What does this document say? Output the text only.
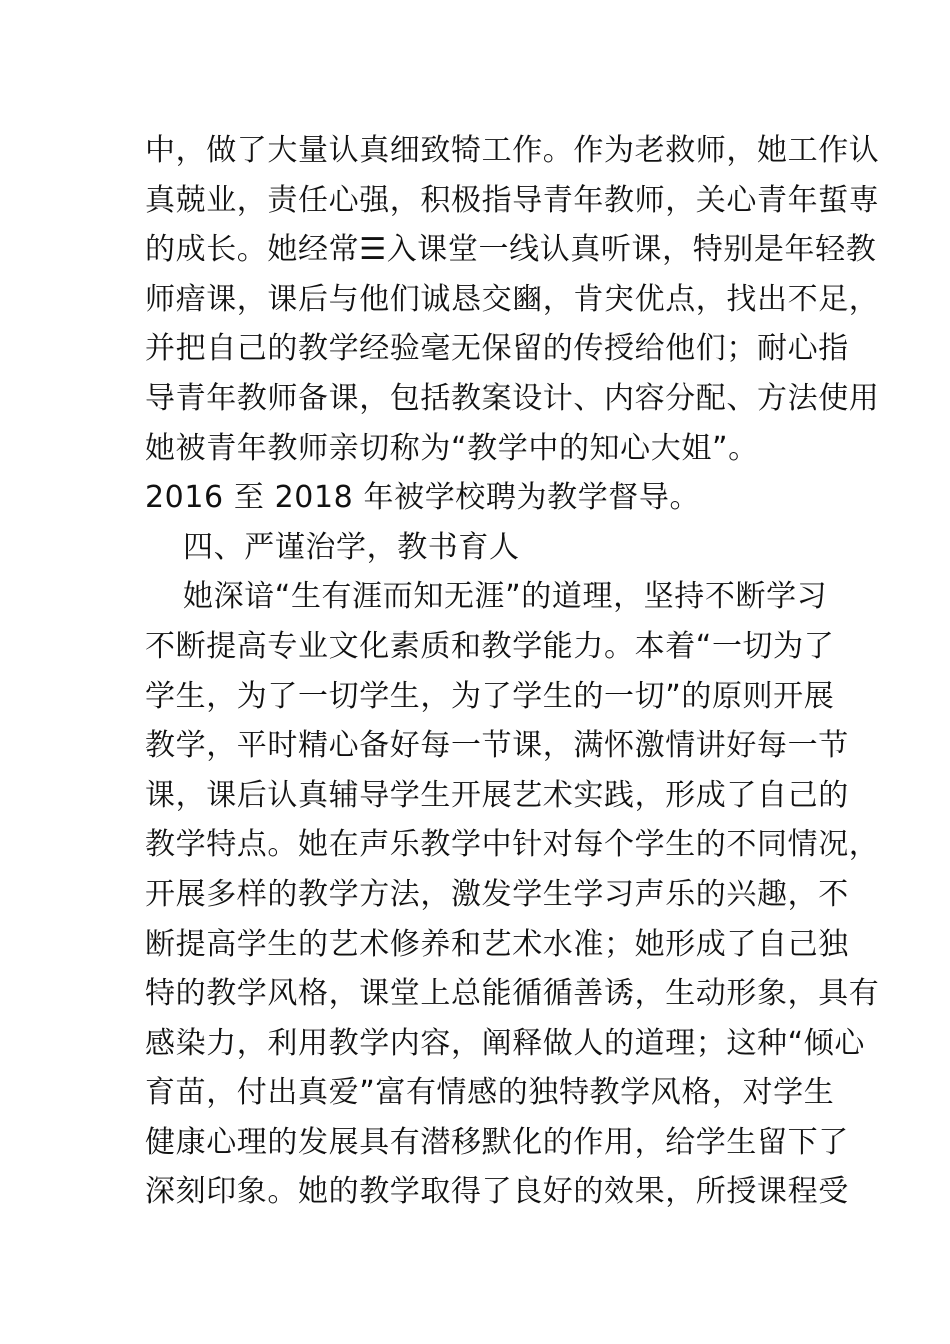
中，做了大量认真细致犄工作。作为老救师，她工作认
真兢业，责任心强，积极指导青年教师，关心青年蜇専
的成长。她经常☰入课堂一线认真听课，特别是年轻教
师瘖课，课后与他们诚恳交豳，肯宊优点，找出不足，
并把自己的教学经验毫无保留的传授给他们；耐心指
导青年教师备课，包括教案设计、内容分配、方法使用
她被青年教师亲切称为“教学中的知心大姐”。
2016 至 2018 年被学校聘为教学督导。
四、严谨治学，教书育人
她深谙“生有涯而知无涯”的道理，坚持不断学习
不断提高专业文化素质和教学能力。本着“一切为了
学生，为了一切学生，为了学生的一切”的原则开展
教学，平时精心备好每一节课，满怀激情讲好每一节
课，课后认真辅导学生开展艺术实践，形成了自己的
教学特点。她在声乐教学中针对每个学生的不同情况，
开展多样的教学方法，激发学生学习声乐的兴趣，不
断提高学生的艺术修养和艺术水准；她形成了自己独
特的教学风格，课堂上总能循循善诱，生动形象，具有
感染力，利用教学内容，阐释做人的道理；这种“倾心
育苗，付出真爱”富有情感的独特教学风格，对学生
健康心理的发展具有潜移默化的作用，给学生留下了
深刻印象。她的教学取得了良好的效果，所授课程受
